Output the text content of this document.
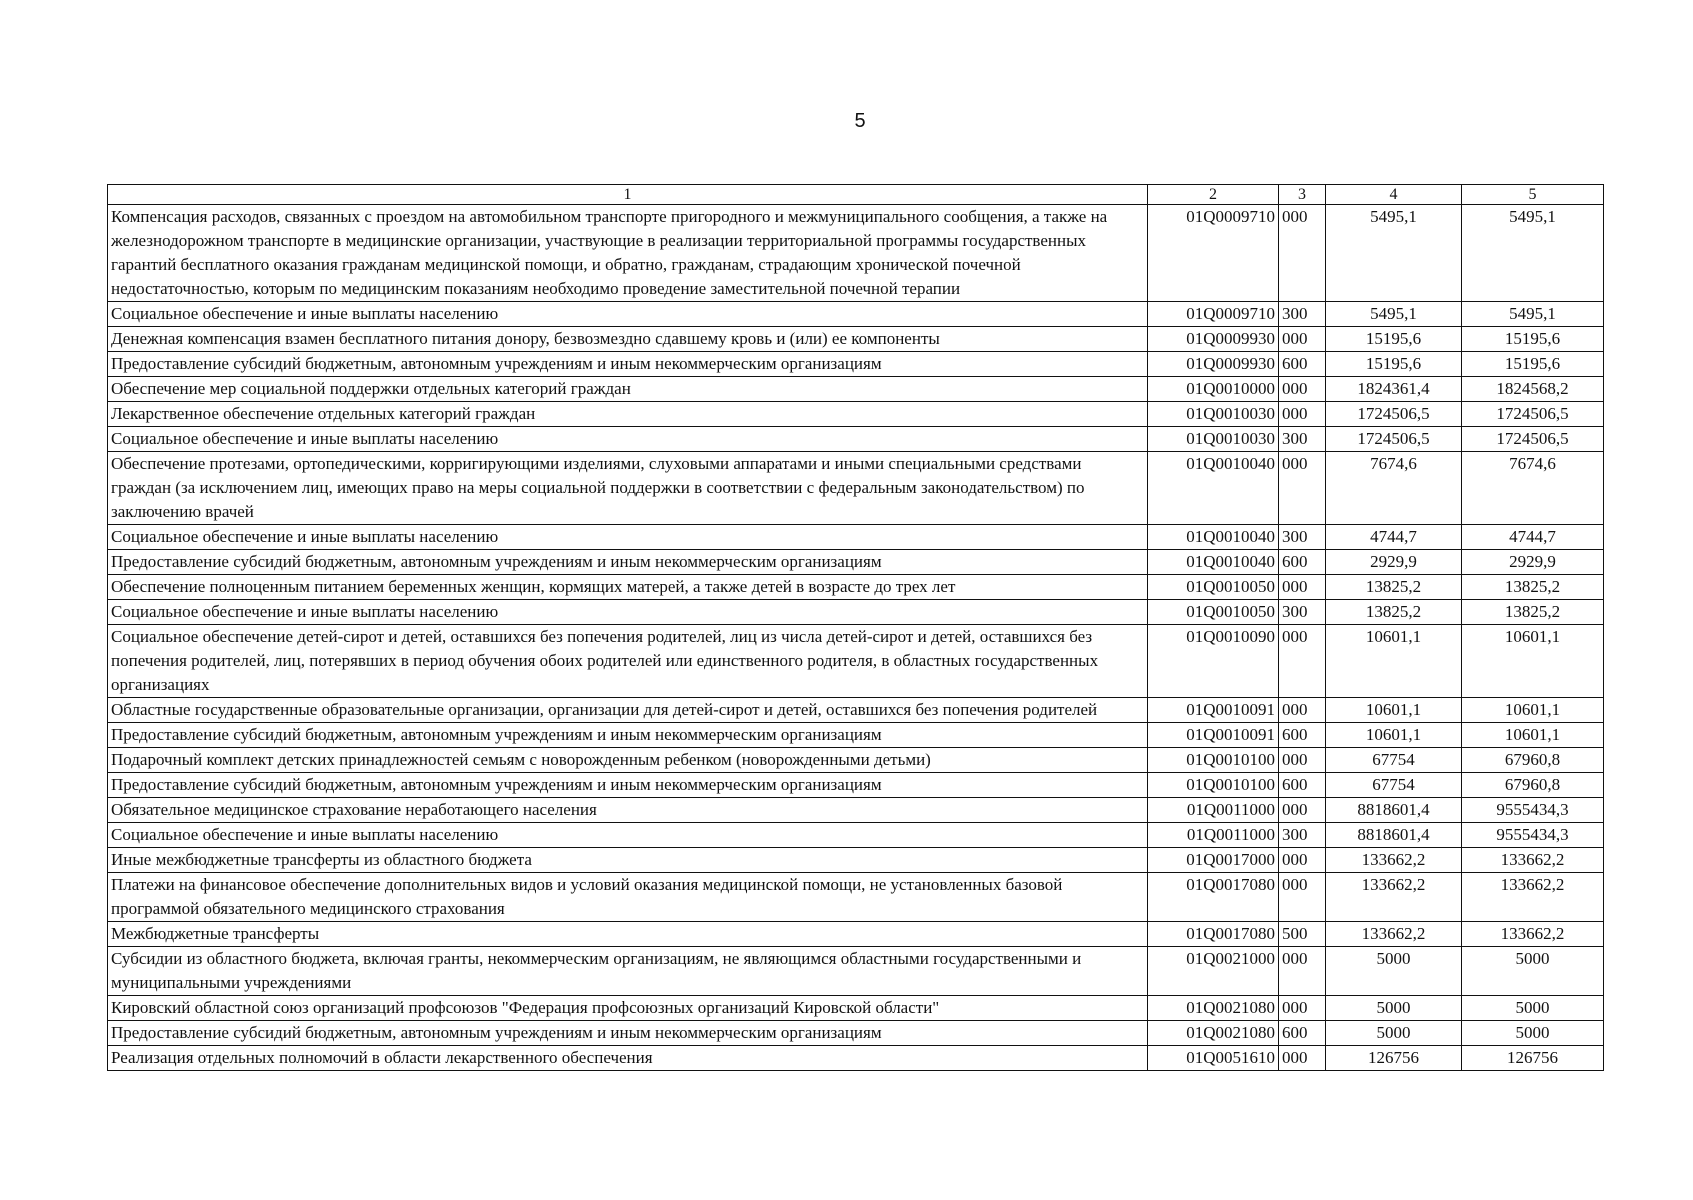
5
1	2	3	4	5
Компенсация расходов, связанных с проездом на автомобильном транспорте пригородного и межмуниципального сообщения, а также на железнодорожном транспорте в медицинские организации, участвующие в реализации территориальной программы государственных гарантий бесплатного оказания гражданам медицинской помощи, и обратно, гражданам, страдающим хронической почечной недостаточностью, которым по медицинским показаниям необходимо проведение заместительной почечной терапии	01Q0009710	000	5495,1	5495,1
Социальное обеспечение и иные выплаты населению	01Q0009710	300	5495,1	5495,1
Денежная компенсация взамен бесплатного питания донору, безвозмездно сдавшему кровь и (или) ее компоненты	01Q0009930	000	15195,6	15195,6
Предоставление субсидий бюджетным, автономным учреждениям и иным некоммерческим организациям	01Q0009930	600	15195,6	15195,6
Обеспечение мер социальной поддержки отдельных категорий граждан	01Q0010000	000	1824361,4	1824568,2
Лекарственное обеспечение отдельных категорий граждан	01Q0010030	000	1724506,5	1724506,5
Социальное обеспечение и иные выплаты населению	01Q0010030	300	1724506,5	1724506,5
Обеспечение протезами, ортопедическими, корригирующими изделиями, слуховыми аппаратами и иными специальными средствами граждан (за исключением лиц, имеющих право на меры социальной поддержки в соответствии с федеральным законодательством) по заключению врачей	01Q0010040	000	7674,6	7674,6
Социальное обеспечение и иные выплаты населению	01Q0010040	300	4744,7	4744,7
Предоставление субсидий бюджетным, автономным учреждениям и иным некоммерческим организациям	01Q0010040	600	2929,9	2929,9
Обеспечение полноценным питанием беременных женщин, кормящих матерей, а также детей в возрасте до трех лет	01Q0010050	000	13825,2	13825,2
Социальное обеспечение и иные выплаты населению	01Q0010050	300	13825,2	13825,2
Социальное обеспечение детей-сирот и детей, оставшихся без попечения родителей, лиц из числа детей-сирот и детей, оставшихся без попечения родителей, лиц, потерявших в период обучения обоих родителей или единственного родителя, в областных государственных организациях	01Q0010090	000	10601,1	10601,1
Областные государственные образовательные организации, организации для детей-сирот и детей, оставшихся без попечения родителей	01Q0010091	000	10601,1	10601,1
Предоставление субсидий бюджетным, автономным учреждениям и иным некоммерческим организациям	01Q0010091	600	10601,1	10601,1
Подарочный комплект детских принадлежностей семьям с новорожденным ребенком (новорожденными детьми)	01Q0010100	000	67754	67960,8
Предоставление субсидий бюджетным, автономным учреждениям и иным некоммерческим организациям	01Q0010100	600	67754	67960,8
Обязательное медицинское страхование неработающего населения	01Q0011000	000	8818601,4	9555434,3
Социальное обеспечение и иные выплаты населению	01Q0011000	300	8818601,4	9555434,3
Иные межбюджетные трансферты из областного бюджета	01Q0017000	000	133662,2	133662,2
Платежи на финансовое обеспечение дополнительных видов и условий оказания медицинской помощи, не установленных базовой программой обязательного медицинского страхования	01Q0017080	000	133662,2	133662,2
Межбюджетные трансферты	01Q0017080	500	133662,2	133662,2
Субсидии из областного бюджета, включая гранты, некоммерческим организациям, не являющимся областными государственными и муниципальными учреждениями	01Q0021000	000	5000	5000
Кировский областной союз организаций профсоюзов "Федерация профсоюзных организаций Кировской области"	01Q0021080	000	5000	5000
Предоставление субсидий бюджетным, автономным учреждениям и иным некоммерческим организациям	01Q0021080	600	5000	5000
Реализация отдельных полномочий в области лекарственного обеспечения	01Q0051610	000	126756	126756
